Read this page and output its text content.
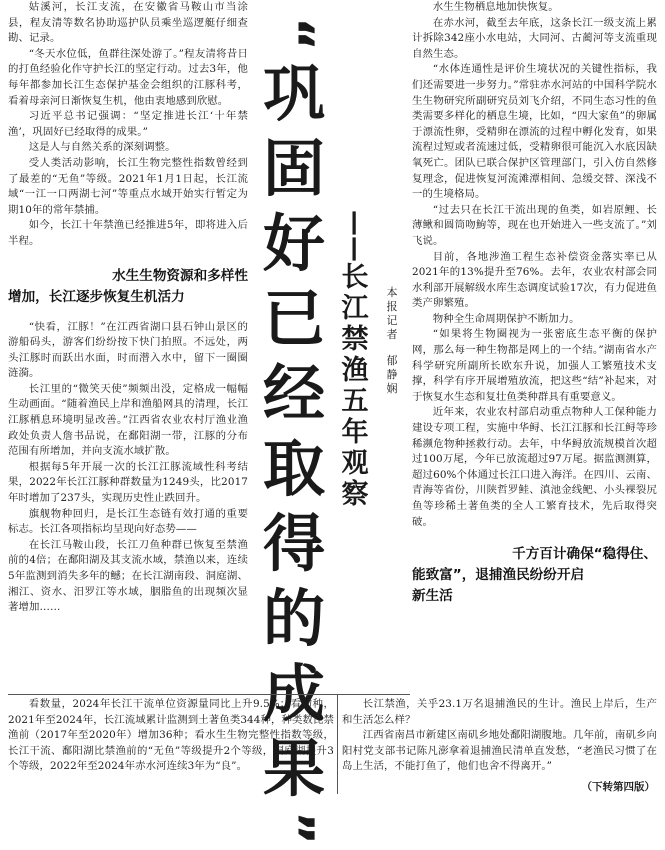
姑溪河，长江支流，在安徽省马鞍山市当涂县，程友清等数名协助巡护队员乘坐巡逻艇仔细查勘、记录。

“冬天水位低，鱼群往深处游了。”程友清将昔日的打鱼经验化作守护长江的坚定行动。过去3年，他每年都参加长江生态保护基金会组织的江豚科考，看着母亲河日渐恢复生机，他由衷地感到欣慰。

习近平总书记强调：“坚定推进长江‘十年禁渔’，巩固好已经取得的成果。”

这是人与自然关系的深刻调整。

受人类活动影响，长江生物完整性指数曾经到了最差的“无鱼”等级。2021年1月1日起，长江流域“一江一口两湖七河”等重点水域开始实行暂定为期10年的常年禁捕。

如今，长江十年禁渔已经推进5年，即将进入后半程。

水生生物资源和多样性

增加，长江逐步恢复生机活力

“快看，江豚！”在江西省湖口县石钟山景区的游船码头，游客们纷纷按下快门拍照。不远处，两头江豚时而跃出水面，时而潜入水中，留下一圈圈涟漪。

长江里的“微笑天使”频频出没，定格成一幅幅生动画面。“随着渔民上岸和渔船网具的清理，长江江豚栖息环境明显改善。”江西省农业农村厅渔业渔政处负责人詹书品说，在鄱阳湖一带，江豚的分布范围有所增加，并向支流水域扩散。

根据每5年开展一次的长江江豚流域性科考结果，2022年长江江豚种群数量为1249头，比2017年时增加了237头，实现历史性止跌回升。

旗舰物种回归，是长江生态链有效打通的重要标志。长江各项指标均呈现向好态势——

在长江马鞍山段，长江刀鱼种群已恢复至禁渔前的4倍；在鄱阳湖及其支流水域，禁渔以来，连续5年监测到消失多年的鳡；在长江湖南段、洞庭湖、湘江、资水、汨罗江等水域，胭脂鱼的出现频次显著增加……

“
巩
固
好
已
经
取
得
的
成
果
”
——
长
江
禁
渔
五
年
观
察
本
报
记
者
郁
静
娴

水生生物栖息地加快恢复。

在赤水河，截至去年底，这条长江一级支流上累计拆除342座小水电站，大同河、古蔺河等支流重现自然生态。

“水体连通性是评价生境状况的关键性指标，我们还需要进一步努力。”常驻赤水河站的中国科学院水生生物研究所副研究员刘飞介绍，不同生态习性的鱼类需要多样化的栖息生境，比如，“四大家鱼”的卵属于漂流性卵，受精卵在漂流的过程中孵化发育，如果流程过短或者流速过低，受精卵很可能沉入水底因缺氧死亡。团队已联合保护区管理部门，引入仿自然修复理念，促进恢复河流滩潭相间、急缓交替、深浅不一的生境格局。

“过去只在长江干流出现的鱼类，如岩原鲤、长薄鳅和圆筒吻鮈等，现在也开始进入一些支流了。”刘飞说。

目前，各地涉渔工程生态补偿资金落实率已从2021年的13%提升至76%。去年，农业农村部会同水利部开展解级水库生态调度试验17次，有力促进鱼类产卵繁殖。

物种全生命周期保护不断加力。

“如果将生物圈视为一张密底生态平衡的保护网，那么每一种生物都是网上的一个结。”湖南省水产科学研究所副所长欧东升说，加强人工繁殖技术支撑，科学有序开展增殖放流，把这些“结”补起来，对于恢复水生态和复壮鱼类种群具有重要意义。

近年来，农业农村部启动重点物种人工保种能力建设专项工程，实施中华鲟、长江江豚和长江鲟等珍稀濒危物种拯救行动。去年，中华鲟放流规模首次超过100万尾，今年已放流超过97万尾。据监测测算，超过60%个体通过长江口进入海洋。在四川、云南、青海等省份，川陕哲罗鲑、滇池金线鲃、小头裸裂尻鱼等珍稀土著鱼类的全人工繁育技术，先后取得突破。

千方百计确保“稳得住、

能致富”，退捕渔民纷纷开启

新生活

看数量，2024年长江干流单位资源量同比上升9.5%；看物种，2021年至2024年，长江流域累计监测到土著鱼类344种，种类数比禁渔前（2017年至2020年）增加36种；看水生生物完整性指数等级，长江干流、鄱阳湖比禁渔前的“无鱼”等级提升2个等级，洞庭湖提升3个等级，2022年至2024年赤水河连续3年为“良”。

长江禁渔，关乎23.1万名退捕渔民的生计。渔民上岸后，生产和生活怎么样？

江西省南昌市新建区南矶乡地处鄱阳湖腹地。几年前，南矶乡向阳村党支部书记陈凡澎拿着退捕渔民清单直发愁，“老渔民习惯了在岛上生活，不能打鱼了，他们也舍不得离开。”

（下转第四版）
